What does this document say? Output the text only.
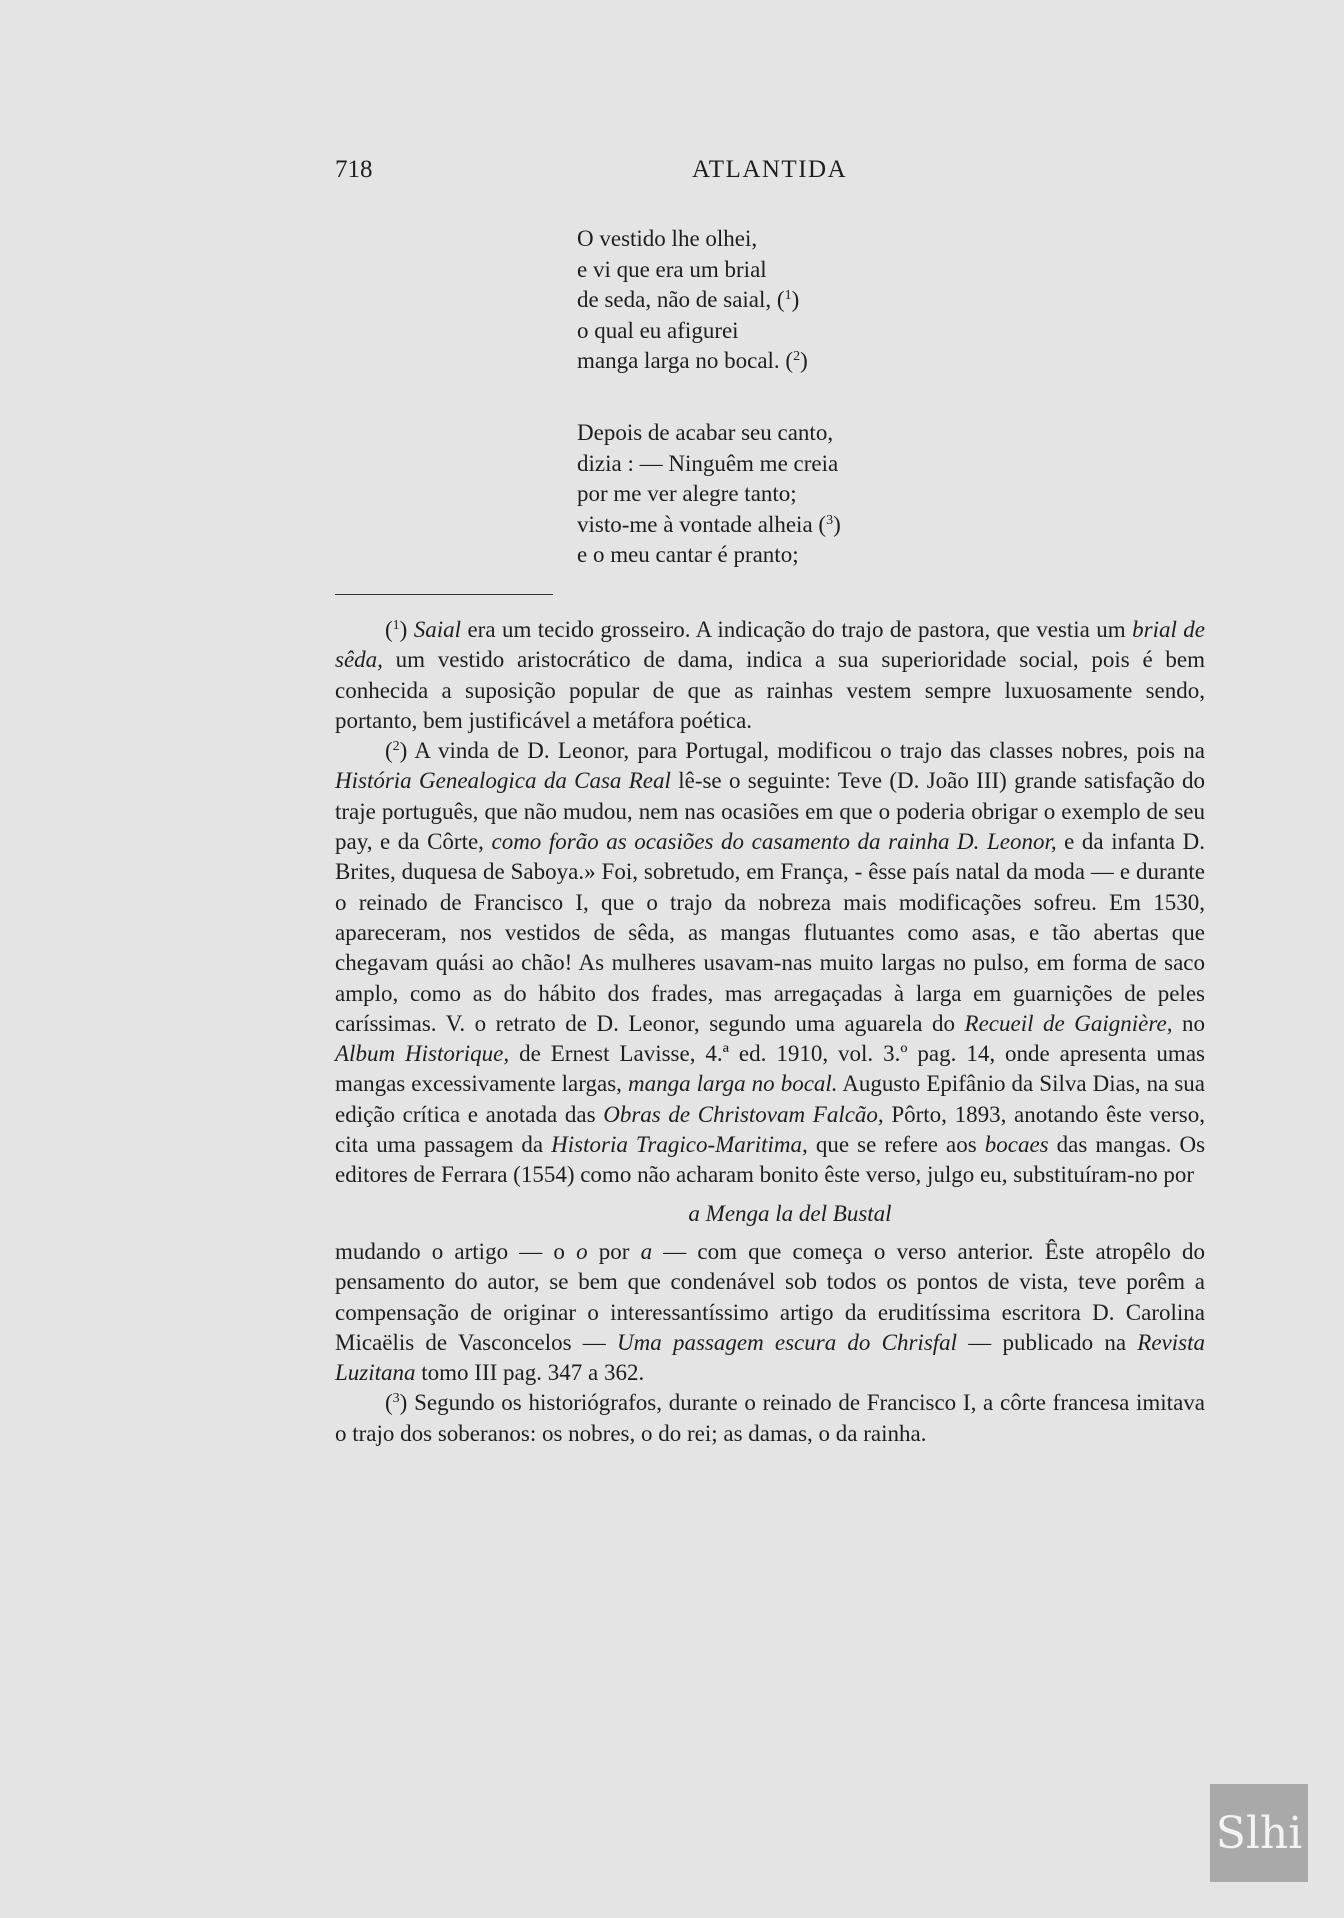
718	ATLANTIDA
O vestido lhe olhei,
e vi que era um brial
de seda, não de saial, ($^1$)
o qual eu afigurei
manga larga no bocal. ($^2$)
Depois de acabar seu canto,
dizia : — Ninguêm me creia
por me ver alegre tanto;
visto-me à vontade alheia ($^3$)
e o meu cantar é pranto;

($^1$) Saial era um tecido grosseiro. A indicação do trajo de pastora, que vestia um brial de sêda, um vestido aristocrático de dama, indica a sua superioridade social, pois é bem conhecida a suposição popular de que as rainhas vestem sempre luxuosamente sendo, portanto, bem justificável a metáfora poética.

($^2$) A vinda de D. Leonor, para Portugal, modificou o trajo das classes nobres, pois na História Genealogica da Casa Real lê-se o seguinte: Teve (D. João III) grande satisfação do traje português, que não mudou, nem nas ocasiões em que o poderia obrigar o exemplo de seu pay, e da Côrte, como forão as ocasiões do casamento da rainha D. Leonor, e da infanta D. Brites, duquesa de Saboya.» Foi, sobretudo, em França, - êsse país natal da moda — e durante o reinado de Francisco I, que o trajo da nobreza mais modificações sofreu. Em 1530, apareceram, nos vestidos de sêda, as mangas flutuantes como asas, e tão abertas que chegavam quási ao chão! As mulheres usavam-nas muito largas no pulso, em forma de saco amplo, como as do hábito dos frades, mas arregaçadas à larga em guarnições de peles caríssimas. V. o retrato de D. Leonor, segundo uma aguarela do Recueil de Gaignière, no Album Historique, de Ernest Lavisse, 4.ª ed. 1910, vol. 3.º pag. 14, onde apresenta umas mangas excessivamente largas, manga larga no bocal. Augusto Epifânio da Silva Dias, na sua edição crítica e anotada das Obras de Christovam Falcão, Pôrto, 1893, anotando êste verso, cita uma passagem da Historia Tragico-Maritima, que se refere aos bocaes das mangas. Os editores de Ferrara (1554) como não acharam bonito êste verso, julgo eu, substituíram-no por

a Menga la del Bustal

mudando o artigo — o o por a — com que começa o verso anterior. Êste atropêlo do pensamento do autor, se bem que condenável sob todos os pontos de vista, teve porêm a compensação de originar o interessantíssimo artigo da eruditíssima escritora D. Carolina Micaëlis de Vasconcelos — Uma passagem escura do Chrisfal — publicado na Revista Luzitana tomo III pag. 347 a 362.

($^3$) Segundo os historiógrafos, durante o reinado de Francisco I, a côrte francesa imitava o trajo dos soberanos: os nobres, o do rei; as damas, o da rainha.

Slhi
